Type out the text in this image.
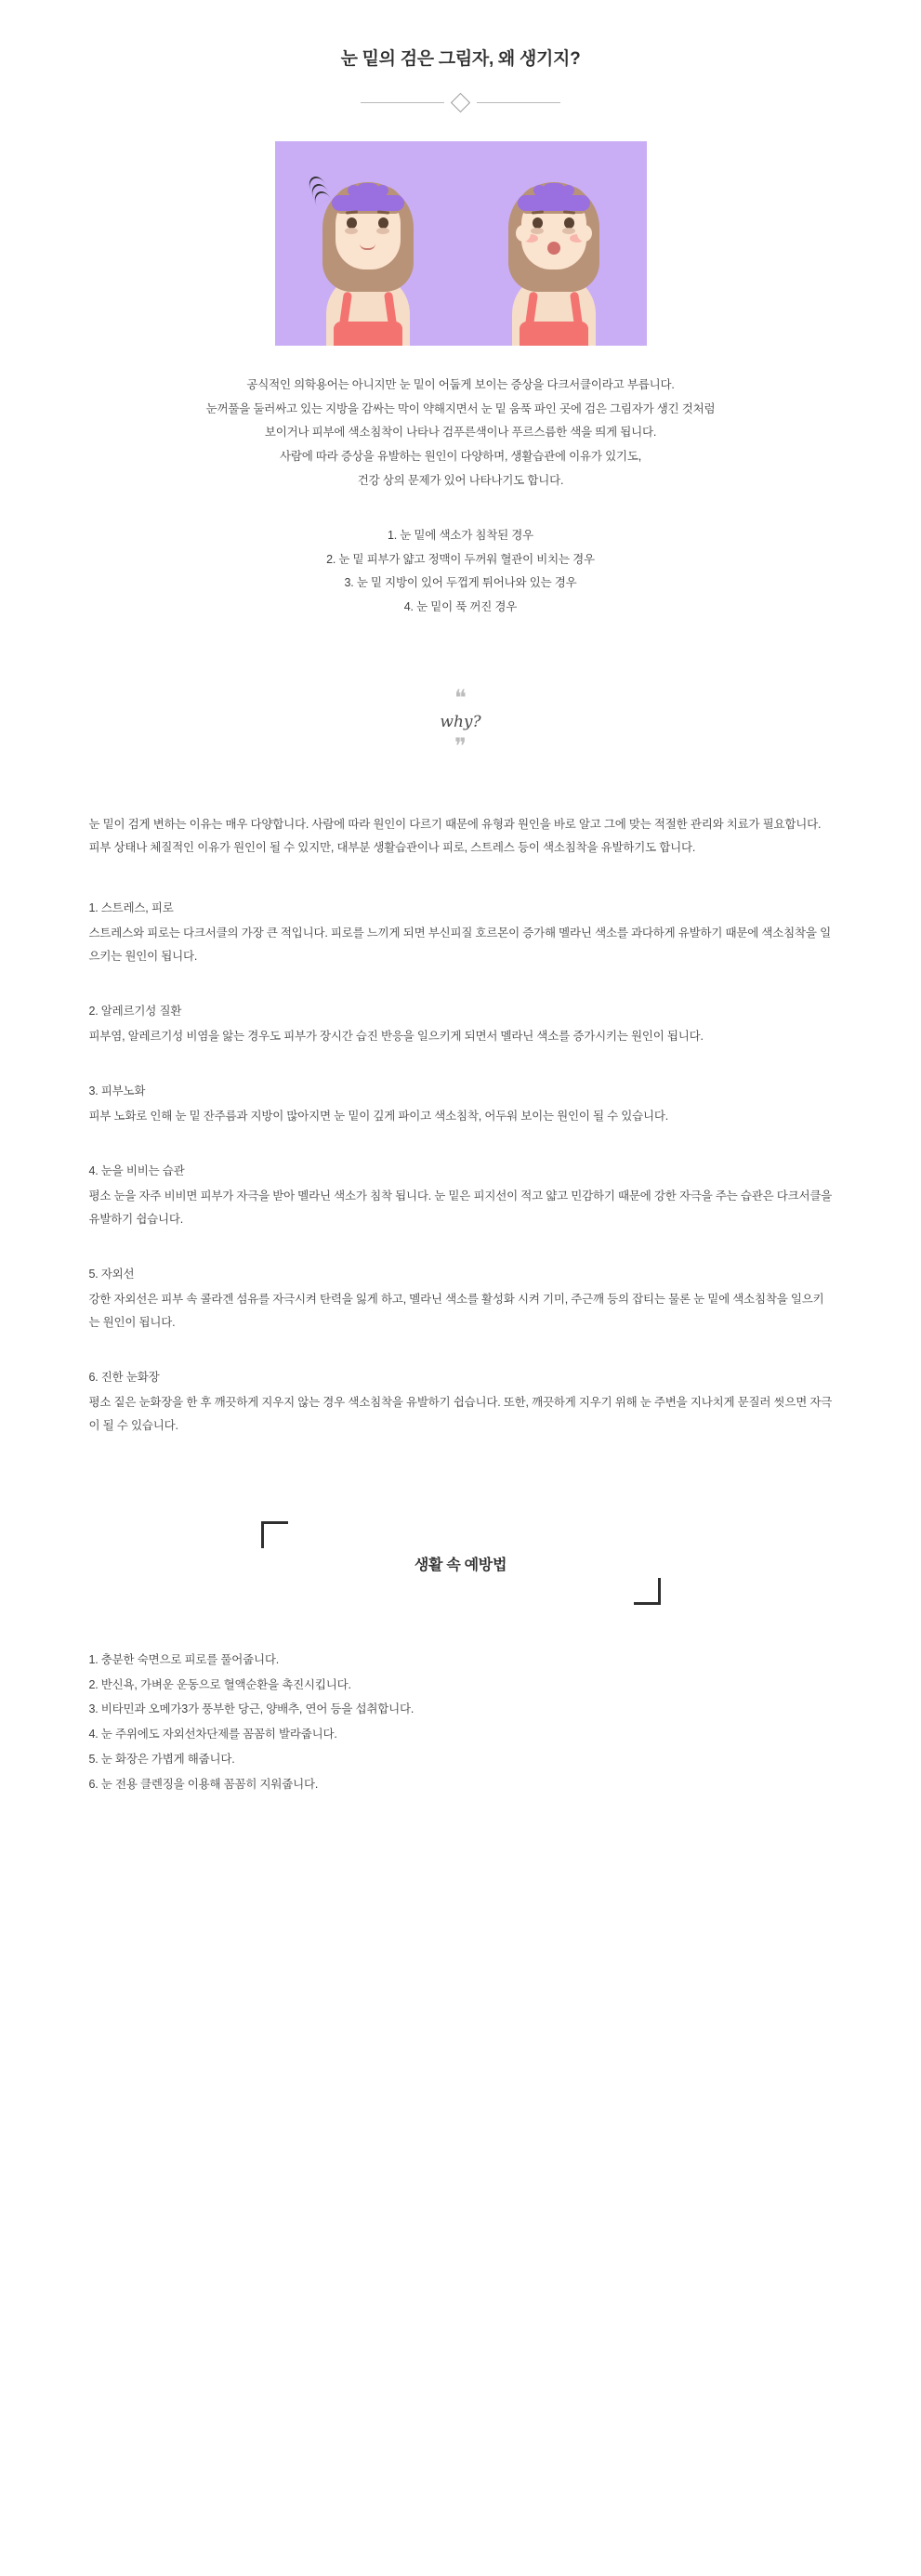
눈 밑의 검은 그림자, 왜 생기지?

공식적인 의학용어는 아니지만 눈 밑이 어둡게 보이는 증상을 다크서클이라고 부릅니다.

눈꺼풀을 둘러싸고 있는 지방을 감싸는 막이 약해지면서 눈 밑 움푹 파인 곳에 검은 그림자가 생긴 것처럼

보이거나 피부에 색소침착이 나타나 검푸른색이나 푸르스름한 색을 띄게 됩니다.

사람에 따라 증상을 유발하는 원인이 다양하며, 생활습관에 이유가 있기도,

건강 상의 문제가 있어 나타나기도 합니다.

1. 눈 밑에 색소가 침착된 경우
2. 눈 밑 피부가 얇고 정맥이 두꺼워 혈관이 비치는 경우
3. 눈 밑 지방이 있어 두껍게 튀어나와 있는 경우
4. 눈 밑이 푹 꺼진 경우
❝
why?
❞
눈 밑이 검게 변하는 이유는 매우 다양합니다. 사람에 따라 원인이 다르기 때문에 유형과 원인을 바로 알고 그에 맞는 적절한 관리와 치료가 필요합니다. 피부 상태나 체질적인 이유가 원인이 될 수 있지만, 대부분 생활습관이나 피로, 스트레스 등이 색소침착을 유발하기도 합니다.
1. 스트레스, 피로
스트레스와 피로는 다크서클의 가장 큰 적입니다. 피로를 느끼게 되면 부신피질 호르몬이 증가해 멜라닌 색소를 과다하게 유발하기 때문에 색소침착을 일으키는 원인이 됩니다.
2. 알레르기성 질환
피부염, 알레르기성 비염을 앓는 경우도 피부가 장시간 습진 반응을 일으키게 되면서 멜라닌 색소를 증가시키는 원인이 됩니다.
3. 피부노화
피부 노화로 인해 눈 밑 잔주름과 지방이 많아지면 눈 밑이 깊게 파이고 색소침착, 어두워 보이는 원인이 될 수 있습니다.
4. 눈을 비비는 습관
평소 눈을 자주 비비면 피부가 자극을 받아 멜라닌 색소가 침착 됩니다. 눈 밑은 피지선이 적고 얇고 민감하기 때문에 강한 자극을 주는 습관은 다크서클을 유발하기 쉽습니다.
5. 자외선
강한 자외선은 피부 속 콜라겐 섬유를 자극시켜 탄력을 잃게 하고, 멜라닌 색소를 활성화 시켜 기미, 주근깨 등의 잡티는 물론 눈 밑에 색소침착을 일으키는 원인이 됩니다.
6. 진한 눈화장
평소 짙은 눈화장을 한 후 깨끗하게 지우지 않는 경우 색소침착을 유발하기 쉽습니다. 또한, 깨끗하게 지우기 위해 눈 주변을 지나치게 문질러 씻으면 자극이 될 수 있습니다.
생활 속 예방법
1. 충분한 숙면으로 피로를 풀어줍니다.
2. 반신욕, 가벼운 운동으로 혈액순환을 촉진시킵니다.
3. 비타민과 오메가3가 풍부한 당근, 양배추, 연어 등을 섭취합니다.
4. 눈 주위에도 자외선차단제를 꼼꼼히 발라줍니다.
5. 눈 화장은 가볍게 해줍니다.
6. 눈 전용 클렌징을 이용해 꼼꼼히 지워줍니다.
